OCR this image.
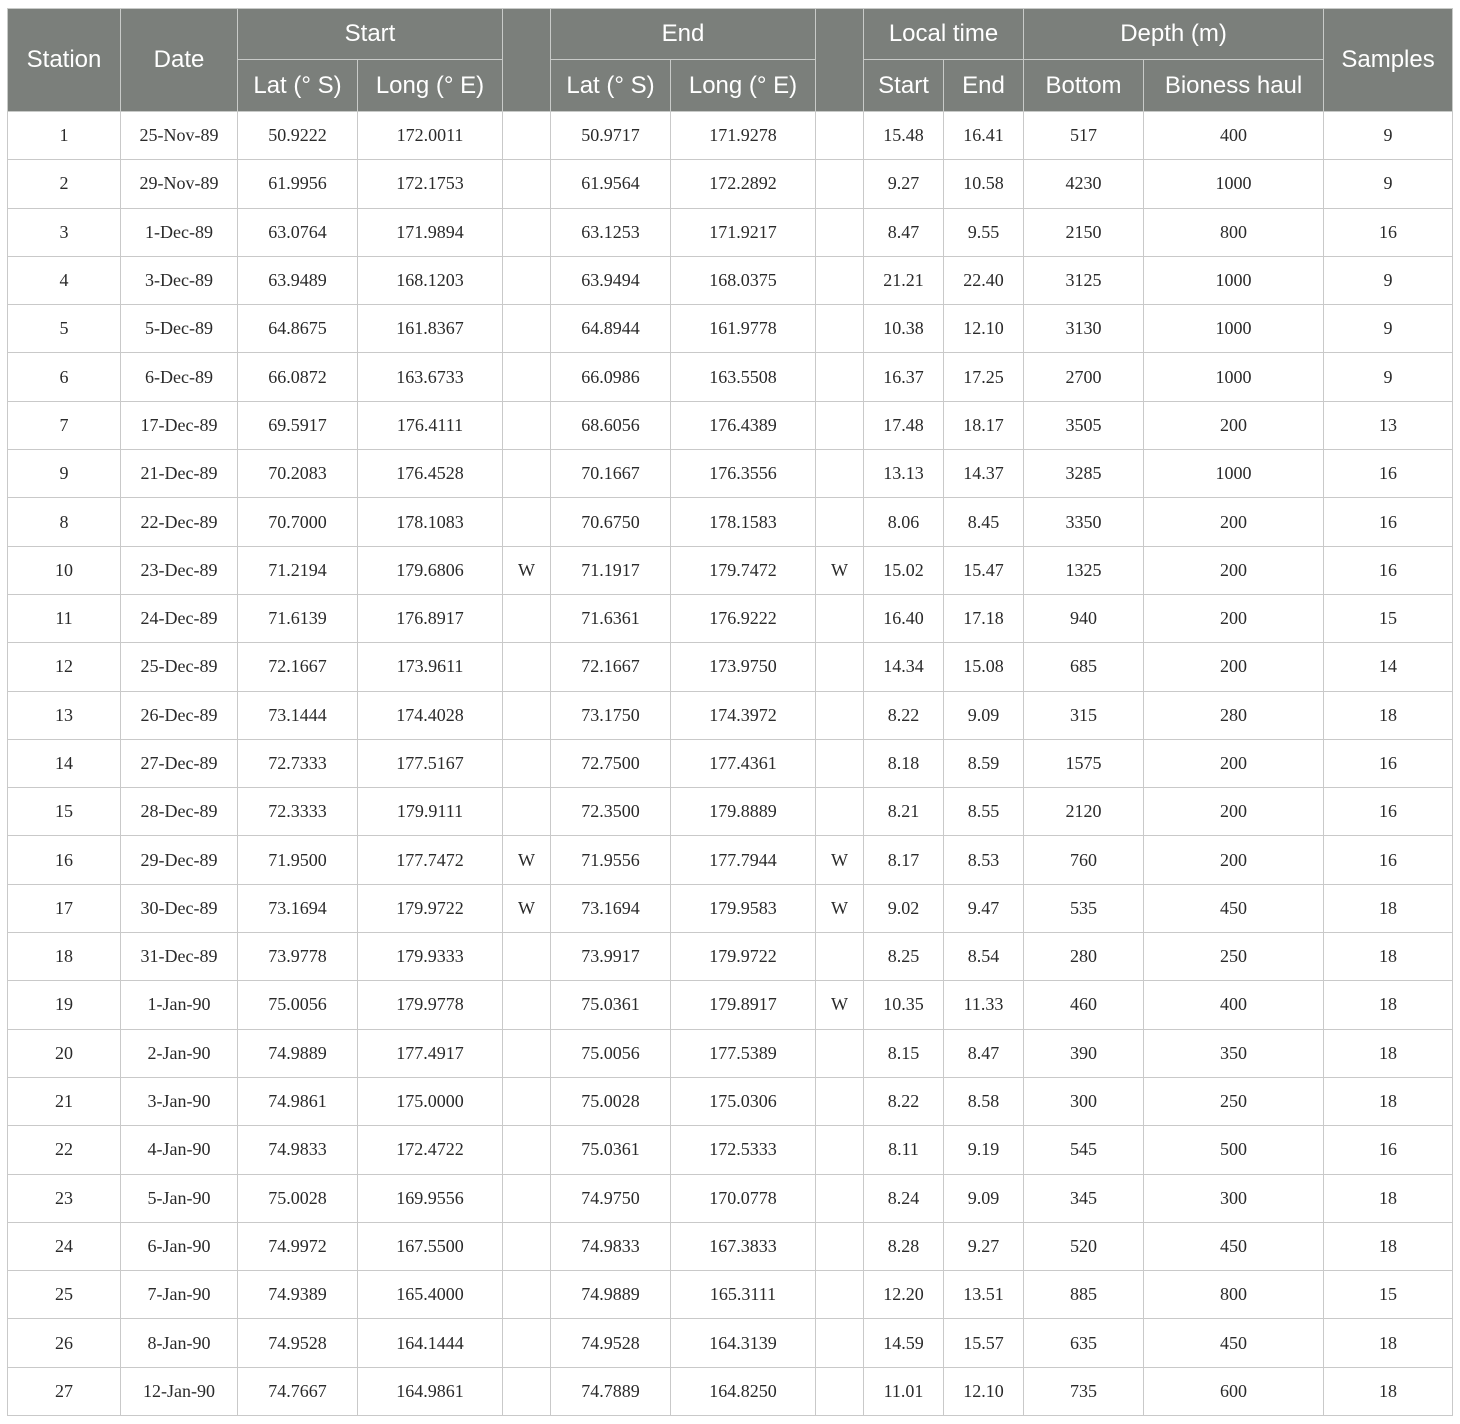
Station	Date	Start			End			Local time		Depth (m)		Samples
		Lat (° S)	Long (° E)		Lat (° S)	Long (° E)		Start	End	Bottom	Bioness haul	
1	25-Nov-89	50.9222	172.0011		50.9717	171.9278		15.48	16.41	517	400	9
2	29-Nov-89	61.9956	172.1753		61.9564	172.2892		9.27	10.58	4230	1000	9
3	1-Dec-89	63.0764	171.9894		63.1253	171.9217		8.47	9.55	2150	800	16
4	3-Dec-89	63.9489	168.1203		63.9494	168.0375		21.21	22.40	3125	1000	9
5	5-Dec-89	64.8675	161.8367		64.8944	161.9778		10.38	12.10	3130	1000	9
6	6-Dec-89	66.0872	163.6733		66.0986	163.5508		16.37	17.25	2700	1000	9
7	17-Dec-89	69.5917	176.4111		68.6056	176.4389		17.48	18.17	3505	200	13
9	21-Dec-89	70.2083	176.4528		70.1667	176.3556		13.13	14.37	3285	1000	16
8	22-Dec-89	70.7000	178.1083		70.6750	178.1583		8.06	8.45	3350	200	16
10	23-Dec-89	71.2194	179.6806	W	71.1917	179.7472	W	15.02	15.47	1325	200	16
11	24-Dec-89	71.6139	176.8917		71.6361	176.9222		16.40	17.18	940	200	15
12	25-Dec-89	72.1667	173.9611		72.1667	173.9750		14.34	15.08	685	200	14
13	26-Dec-89	73.1444	174.4028		73.1750	174.3972		8.22	9.09	315	280	18
14	27-Dec-89	72.7333	177.5167		72.7500	177.4361		8.18	8.59	1575	200	16
15	28-Dec-89	72.3333	179.9111		72.3500	179.8889		8.21	8.55	2120	200	16
16	29-Dec-89	71.9500	177.7472	W	71.9556	177.7944	W	8.17	8.53	760	200	16
17	30-Dec-89	73.1694	179.9722	W	73.1694	179.9583	W	9.02	9.47	535	450	18
18	31-Dec-89	73.9778	179.9333		73.9917	179.9722		8.25	8.54	280	250	18
19	1-Jan-90	75.0056	179.9778		75.0361	179.8917	W	10.35	11.33	460	400	18
20	2-Jan-90	74.9889	177.4917		75.0056	177.5389		8.15	8.47	390	350	18
21	3-Jan-90	74.9861	175.0000		75.0028	175.0306		8.22	8.58	300	250	18
22	4-Jan-90	74.9833	172.4722		75.0361	172.5333		8.11	9.19	545	500	16
23	5-Jan-90	75.0028	169.9556		74.9750	170.0778		8.24	9.09	345	300	18
24	6-Jan-90	74.9972	167.5500		74.9833	167.3833		8.28	9.27	520	450	18
25	7-Jan-90	74.9389	165.4000		74.9889	165.3111		12.20	13.51	885	800	15
26	8-Jan-90	74.9528	164.1444		74.9528	164.3139		14.59	15.57	635	450	18
27	12-Jan-90	74.7667	164.9861		74.7889	164.8250		11.01	12.10	735	600	18
